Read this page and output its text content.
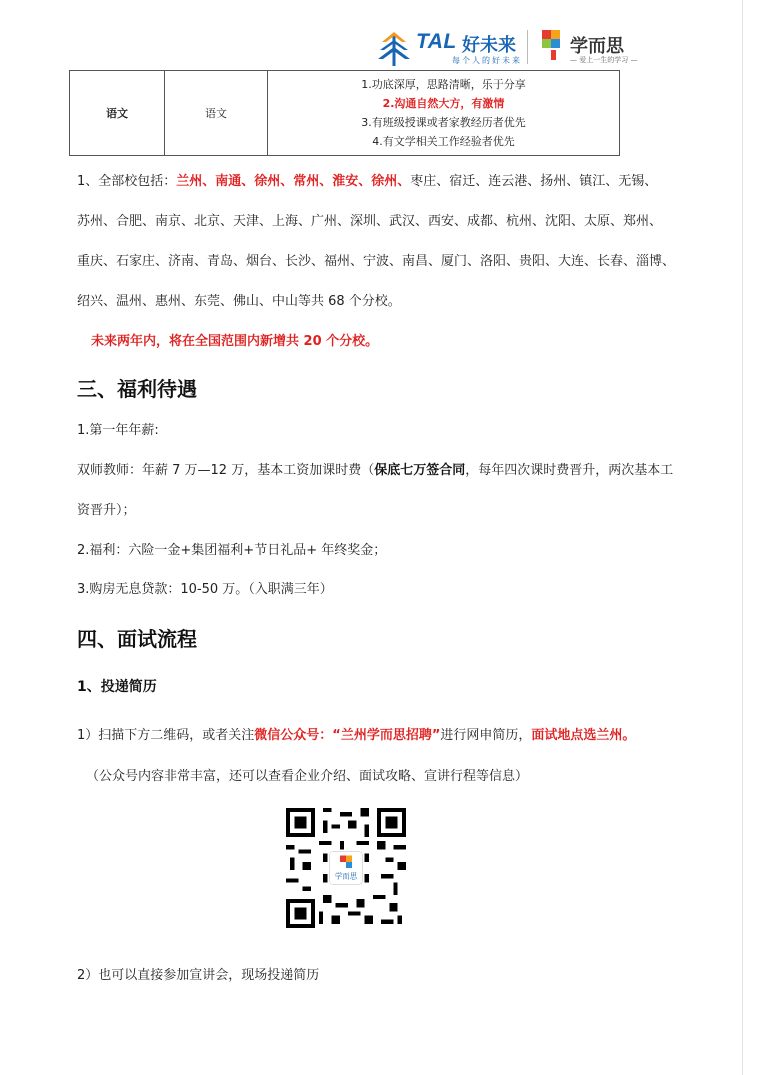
TAL 好未来
每个人的好未来
学而思
— 爱上一生的学习 —
语文	语文	
1.功底深厚，思路清晰，乐于分享
2.沟通自然大方，有激情
3.有班级授课或者家教经历者优先
4.有文学相关工作经验者优先
1、全部校包括：兰州、南通、徐州、常州、淮安、徐州、枣庄、宿迁、连云港、扬州、镇江、无锡、
苏州、合肥、南京、北京、天津、上海、广州、深圳、武汉、西安、成都、杭州、沈阳、太原、郑州、
重庆、石家庄、济南、青岛、烟台、长沙、福州、宁波、南昌、厦门、洛阳、贵阳、大连、长春、淄博、
绍兴、温州、惠州、东莞、佛山、中山等共 68 个分校。
未来两年内，将在全国范围内新增共 20 个分校。
三、福利待遇
1.第一年年薪:
双师教师：年薪 7 万—12 万，基本工资加课时费（保底七万签合同，每年四次课时费晋升，两次基本工
资晋升）；
2.福利：六险一金+集团福利+节日礼品+ 年终奖金；
3.购房无息贷款：10-50 万。（入职满三年）
四、面试流程
1、投递简历
1）扫描下方二维码，或者关注微信公众号：“兰州学而思招聘”进行网申简历，面试地点选兰州。
（公众号内容非常丰富，还可以查看企业介绍、面试攻略、宣讲行程等信息）
学而思
2）也可以直接参加宣讲会，现场投递简历
